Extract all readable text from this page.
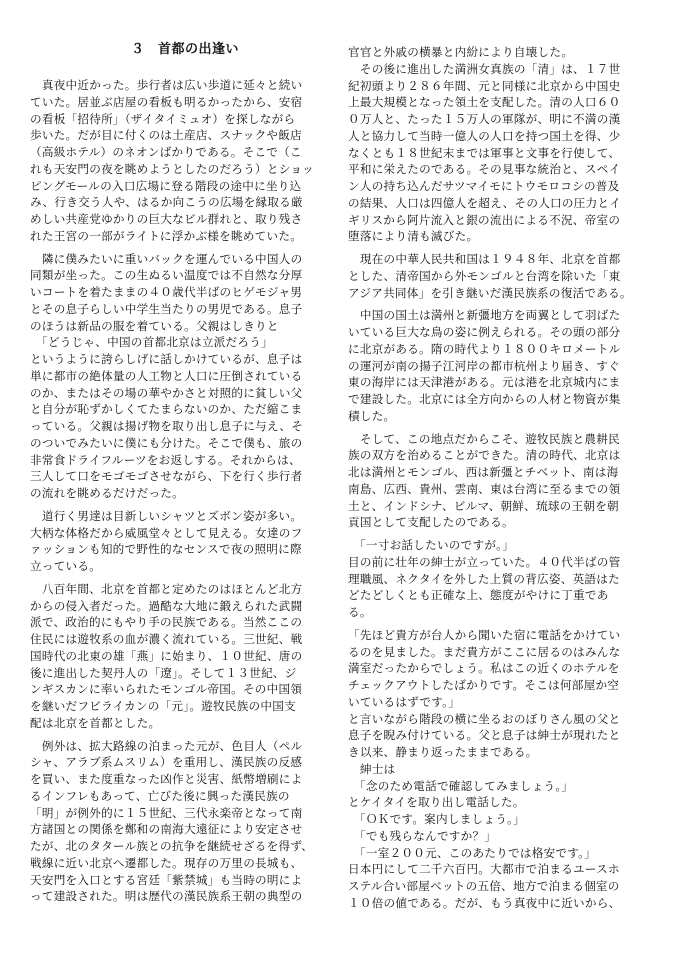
３　首都の出逢い
　真夜中近かった。歩行者は広い歩道に延々と続い
ていた。居並ぶ店屋の看板も明るかったから、安宿
の看板「招待所」（ザイタイミュオ）を探しながら
歩いた。だが目に付くのは土産店、スナックや飯店
（高級ホテル）のネオンばかりである。そこで（こ
れも天安門の夜を眺めようとしたのだろう）とショッ
ピングモールの入口広場に登る階段の途中に坐り込
み、行き交う人や、はるか向こうの広場を縁取る厳
めしい共産党ゆかりの巨大なビル群れと、取り残さ
れた王宮の一部がライトに浮かぶ様を眺めていた。
　隣に僕みたいに重いバックを運んでいる中国人の
同類が坐った。この生ぬるい温度では不自然な分厚
いコートを着たままの４０歳代半ばのヒゲモジャ男
とその息子らしい中学生当たりの男児である。息子
のほうは新品の服を着ている。父親はしきりと
　「どうじゃ、中国の首都北京は立派だろう」
というように誇らしげに話しかけているが、息子は
単に都市の絶体量の人工物と人口に圧倒されている
のか、またはその場の華やかさと対照的に貧しい父
と自分が恥ずかしくてたまらないのか、ただ縮こま
っている。父親は揚げ物を取り出し息子に与え、そ
のついでみたいに僕にも分けた。そこで僕も、旅の
非常食ドライフルーツをお返しする。それからは、
三人して口をモゴモゴさせながら、下を行く歩行者
の流れを眺めるだけだった。
　道行く男達は目新しいシャツとズボン姿が多い。
大柄な体格だから威風堂々として見える。女達のフ
ァッションも知的で野性的なセンスで夜の照明に際
立っている。
　八百年間、北京を首都と定めたのはほとんど北方
からの侵入者だった。過酷な大地に鍛えられた武闘
派で、政治的にもやり手の民族である。当然ここの
住民には遊牧系の血が濃く流れている。三世紀、戦
国時代の北東の雄「燕」に始まり、１０世紀、唐の
後に進出した契丹人の「遼」。そして１３世紀、ジ
ンギスカンに率いられたモンゴル帝国。その中国領
を継いだフビライカンの「元」。遊牧民族の中国支
配は北京を首都とした。
　例外は、拡大路線の泊まった元が、色目人（ペル
シャ、アラブ系ムスリム）を重用し、漢民族の反感
を買い、また度重なった凶作と災害、紙幣増刷によ
るインフレもあって、亡びた後に興った漢民族の
「明」が例外的に１５世紀、三代永楽帝となって南
方諸国との関係を鄭和の南海大遠征により安定させ
たが、北のタタール族との抗争を継続せざるを得ず、
戦線に近い北京へ遷都した。現存の万里の長城も、
天安門を入口とする宮廷「紫禁城」も当時の明によ
って建設された。明は歴代の漢民族系王朝の典型の
官官と外戚の横暴と内紛により自壊した。
　その後に進出した満洲女真族の「清」は、１７世
紀初頭より２８６年間、元と同様に北京から中国史
上最大規模となった領土を支配した。清の人口６０
０万人と、たった１５万人の軍隊が、明に不満の漢
人と協力して当時一億人の人口を持つ国土を得、少
なくとも１８世紀末までは軍事と文事を行使して、
平和に栄えたのである。その見事な統治と、スペイ
ン人の持ち込んだサツマイモにトウモロコシの普及
の結果、人口は四億人を超え、その人口の圧力とイ
ギリスから阿片流入と銀の流出による不況、帝室の
堕落により清も滅びた。
　現在の中華人民共和国は１９４８年、北京を首都
とした、清帝国から外モンゴルと台湾を除いた「東
アジア共同体」を引き継いだ漢民族系の復活である。
　中国の国土は満州と新彊地方を両翼として羽ばた
いている巨大な鳥の姿に例えられる。その頭の部分
に北京がある。隋の時代より１８００キロメートル
の運河が南の揚子江河岸の都市杭州より届き、すぐ
東の海岸には天津港がある。元は港を北京城内にま
で建設した。北京には全方向からの人材と物資が集
積した。
　そして、この地点だからこそ、遊牧民族と農耕民
族の双方を治めることができた。清の時代、北京は
北は満州とモンゴル、西は新彊とチベット、南は海
南島、広西、貴州、雲南、東は台湾に至るまでの領
土と、インドシナ、ビルマ、朝鮮、琉球の王朝を朝
貢国として支配したのである。
　「一寸お話したいのですが。」
目の前に壮年の紳士が立っていた。４０代半ばの管
理職風、ネクタイを外した上質の背広姿、英語はた
どたどしくとも正確な上、態度がやけに丁重であ
る。
「先ほど貴方が台人から聞いた宿に電話をかけてい
るのを見ました。まだ貴方がここに居るのはみんな
満室だったからでしょう。私はこの近くのホテルを
チェックアウトしたばかりです。そこは何部屋か空
いているはずです。」
と言いながら階段の横に坐るおのぼりさん風の父と
息子を睨み付けている。父と息子は紳士が現れたと
き以来、静まり返ったままである。
　紳士は
　「念のため電話で確認してみましょう。」
とケイタイを取り出し電話した。
　「ＯＫです。案内しましょう。」
　「でも残らなんですか？」
　「一室２００元、このあたりでは格安です。」
日本円にして二千六百円。大都市で泊まるユースホ
ステル合い部屋ベットの五倍、地方で泊まる個室の
１０倍の値である。だが、もう真夜中に近いから、
